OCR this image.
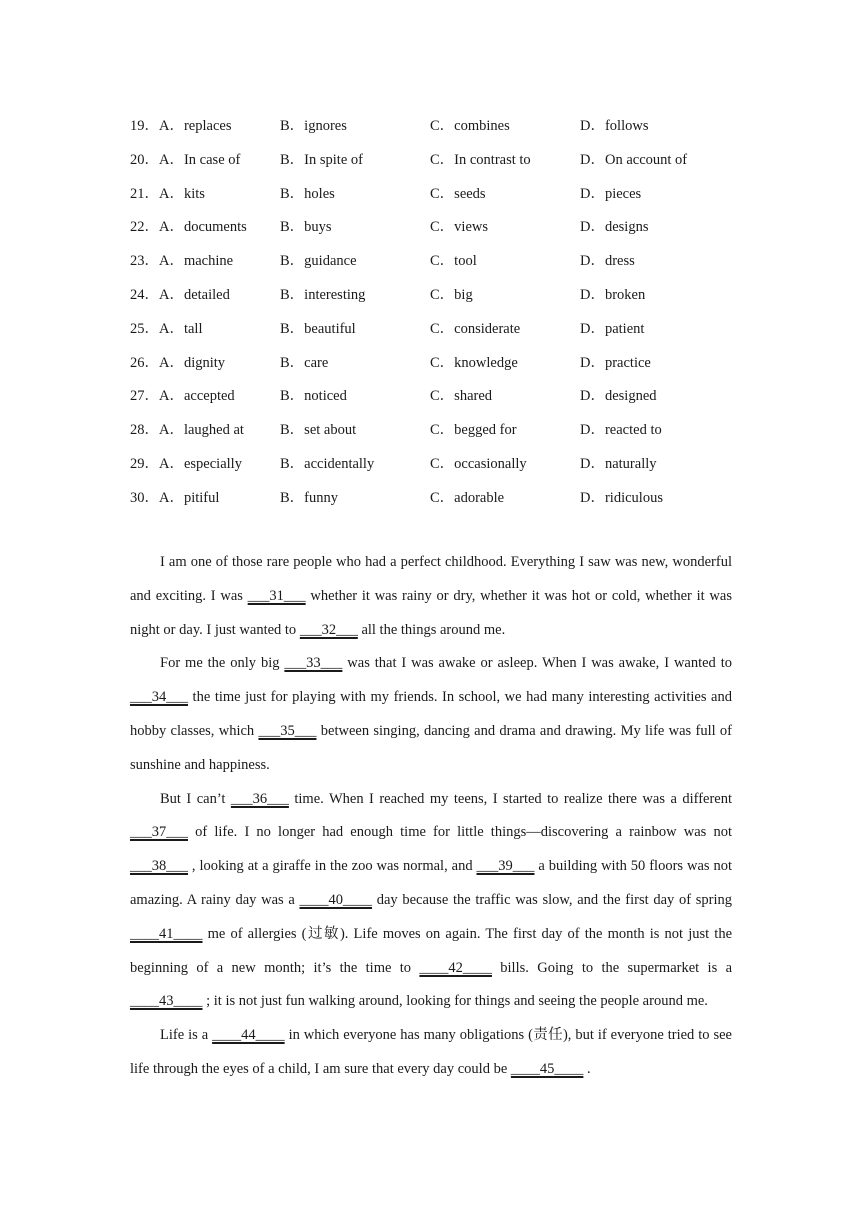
19．A．replaces	B．ignores	C．combines	D．follows
20．A．In case of	B．In spite of	C．In contrast to	D．On account of
21．A．kits	B．holes	C．seeds	D．pieces
22．A．documents B．buys	C．views	D．designs
23．A．machine	B．guidance	C．tool	D．dress
24．A．detailed	B．interesting	C．big	D．broken
25．A．tall	B．beautiful	C．considerate	D．patient
26．A．dignity	B．care	C．knowledge	D．practice
27．A．accepted	B．noticed	C．shared	D．designed
28．A．laughed at B．set about	C．begged for	D．reacted to
29．A．especially	B．accidentally	C．occasionally	D．naturally
30．A．pitiful	B．funny	C．adorable	D．ridiculous

I am one of those rare people who had a perfect childhood. Everything I saw was new, wonderful and exciting. I was ___31___ whether it was rainy or dry, whether it was hot or cold, whether it was night or day. I just wanted to ___32___ all the things around me.

For me the only big ___33___ was that I was awake or asleep. When I was awake, I wanted to ___34___ the time just for playing with my friends. In school, we had many interesting activities and hobby classes, which ___35___ between singing, dancing and drama and drawing. My life was full of sunshine and happiness.

But I can’t ___36___ time. When I reached my teens, I started to realize there was a different ___37___ of life. I no longer had enough time for little things—discovering a rainbow was not ___38___ , looking at a giraffe in the zoo was normal, and ___39___ a building with 50 floors was not amazing. A rainy day was a ____40____ day because the traffic was slow, and the first day of spring ____41____ me of allergies (过敏). Life moves on again. The first day of the month is not just the beginning of a new month; it’s the time to ____42____ bills. Going to the supermarket is a ____43____ ; it is not just fun walking around, looking for things and seeing the people around me.

Life is a ____44____ in which everyone has many obligations (责任), but if everyone tried to see life through the eyes of a child, I am sure that every day could be ____45____ .
